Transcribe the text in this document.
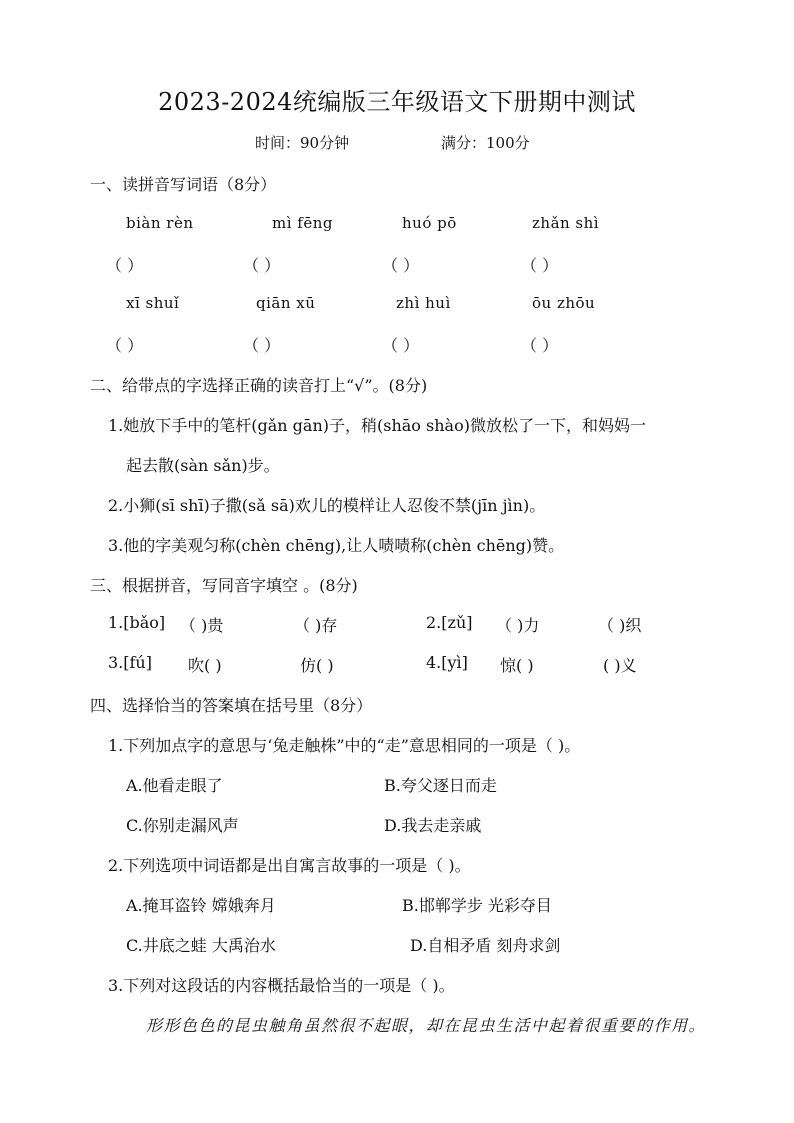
2023-2024统编版三年级语文下册期中测试
时间：90分钟	满分：100分
一、读拼音写词语（8分）
biàn rèn	mì fēng	huó pō	zhǎn shì
（ ）	（ ）	（ ）	（ ）
xī shuǐ	qiān xū	zhì huì	ōu zhōu
（ ）	（ ）	（ ）	（ ）
二、给带点的字选择正确的读音打上“√”。(8分)
1.她放下手中的笔杆(gǎn gān)子，稍(shāo shào)微放松了一下，和妈妈一
起去散(sàn sǎn)步。
2.小狮(sī shī)子撒(sǎ sā)欢儿的模样让人忍俊不禁(jīn jìn)。
3.他的字美观匀称(chèn chēng),让人啧啧称(chèn chēng)赞。
三、根据拼音，写同音字填空 。(8分)
1.[bǎo] （ )贵	（ )存	2.[zǔ] （ )力	（ )织
3.[fú] 吹( )	仿( )	4.[yì] 惊( )	( )义
四、选择恰当的答案填在括号里（8分）
1.下列加点字的意思与‘兔走触株”中的“走”意思相同的一项是（ )。
A.他看走眼了	B.夸父逐日而走
C.你别走漏风声	D.我去走亲戚
2.下列选项中词语都是出自寓言故事的一项是（ )。
A.掩耳盗铃 嫦娥奔月	B.邯郸学步 光彩夺目
C.井底之蛙 大禹治水	D.自相矛盾 刻舟求剑
3.下列对这段话的内容概括最恰当的一项是（ )。
形形色色的昆虫触角虽然很不起眼，却在昆虫生活中起着很重要的作用。
